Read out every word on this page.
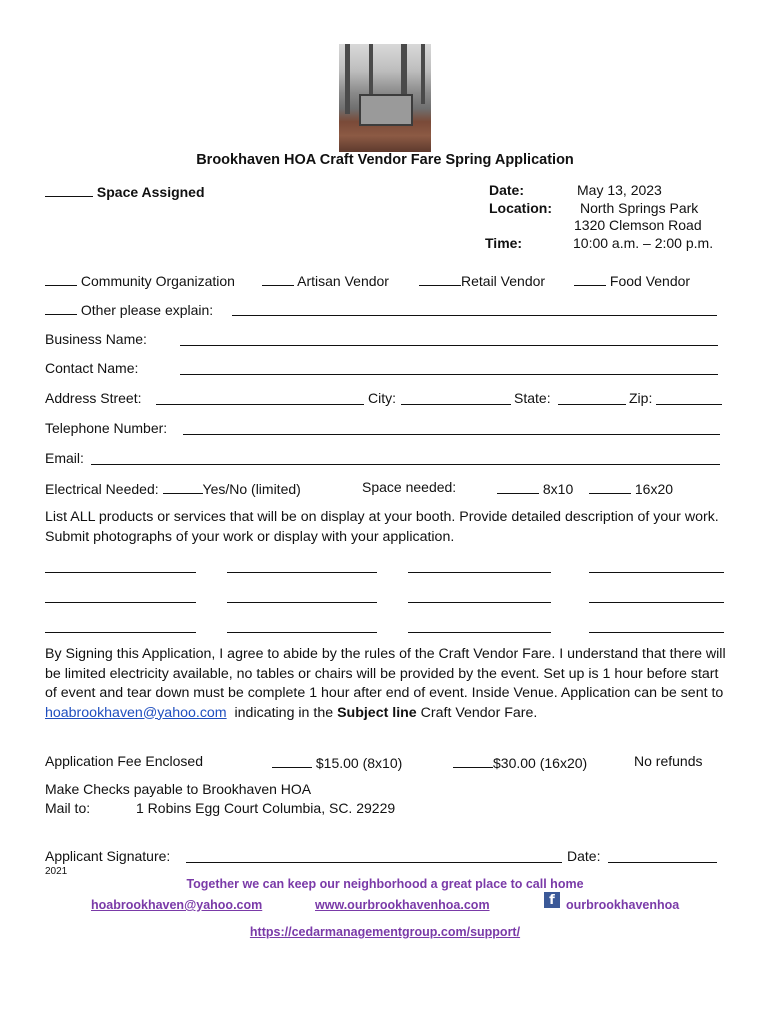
Brookhaven HOA Craft Vendor Fare Spring Application
Space Assigned	Date:	May 13, 2023
Location: North Springs Park
1320 Clemson Road
Time:	10:00 a.m. – 2:00 p.m.
Community Organization	Artisan Vendor	Retail Vendor	Food Vendor
Other please explain:
Business Name:
Contact Name:
Address Street:	City:	State:	Zip:
Telephone Number:
Email:
Electrical Needed:	Yes/No (limited)	Space needed:	8x10	16x20
List ALL products or services that will be on display at your booth. Provide detailed description of your work. Submit photographs of your work or display with your application.
By Signing this Application, I agree to abide by the rules of the Craft Vendor Fare. I understand that there will be limited electricity available, no tables or chairs will be provided by the event. Set up is 1 hour before start of event and tear down must be complete 1 hour after end of event. Inside Venue. Application can be sent to hoabrookhaven@yahoo.com indicating in the Subject line Craft Vendor Fare.
Application Fee Enclosed	$15.00 (8x10)	$30.00 (16x20)	No refunds
Make Checks payable to Brookhaven HOA
Mail to:	1 Robins Egg Court Columbia, SC. 29229
Applicant Signature:	Date:
2021
Together we can keep our neighborhood a great place to call home
hoabrookhaven@yahoo.com	www.ourbrookhavenhoa.com	f ourbrookhavenhoa
https://cedarmanagementgroup.com/support/
